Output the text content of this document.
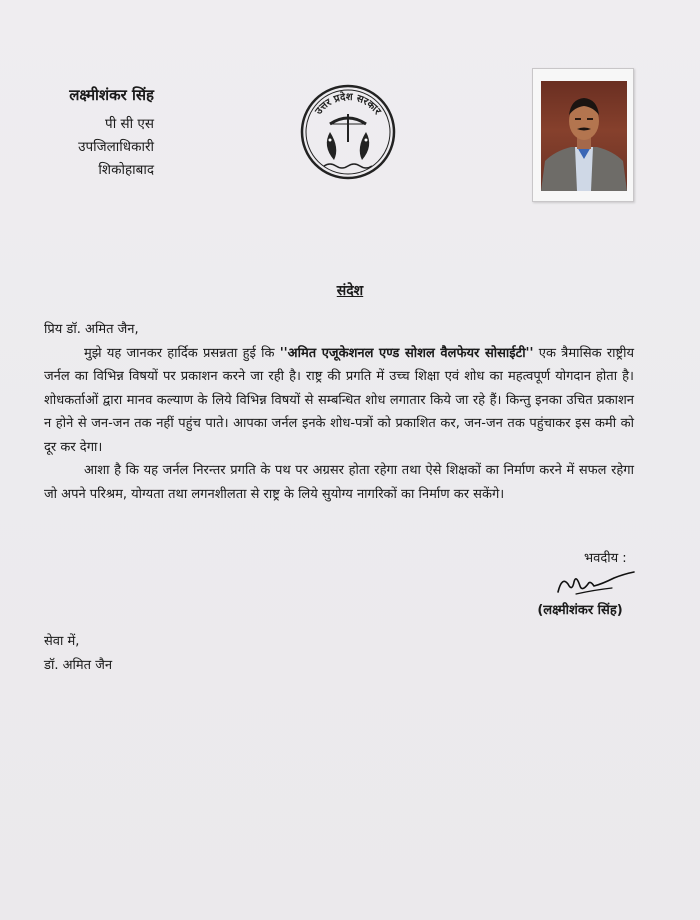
लक्ष्मीशंकर सिंह
पी सी एस
उपजिलाधिकारी
शिकोहाबाद
उत्तर प्रदेश सरकार
संदेश

प्रिय डॉ. अमित जैन,

मुझे यह जानकर हार्दिक प्रसन्नता हुई कि ''अमित एजूकेशनल एण्ड सोशल वैलफेयर सोसाईटी'' एक त्रैमासिक राष्ट्रीय जर्नल का विभिन्न विषयों पर प्रकाशन करने जा रही है। राष्ट्र की प्रगति में उच्च शिक्षा एवं शोध का महत्वपूर्ण योगदान होता है। शोधकर्ताओं द्वारा मानव कल्याण के लिये विभिन्न विषयों से सम्बन्धित शोध लगातार किये जा रहे हैं। किन्तु इनका उचित प्रकाशन न होने से जन-जन तक नहीं पहुंच पाते। आपका जर्नल इनके शोध-पत्रों को प्रकाशित कर, जन-जन तक पहुंचाकर इस कमी को दूर कर देगा।

आशा है कि यह जर्नल निरन्तर प्रगति के पथ पर अग्रसर होता रहेगा तथा ऐसे शिक्षकों का निर्माण करने में सफल रहेगा जो अपने परिश्रम, योग्यता तथा लगनशीलता से राष्ट्र के लिये सुयोग्य नागरिकों का निर्माण कर सकेंगे।

भवदीय :
(लक्ष्मीशंकर सिंह)
सेवा में,
डॉ. अमित जैन
